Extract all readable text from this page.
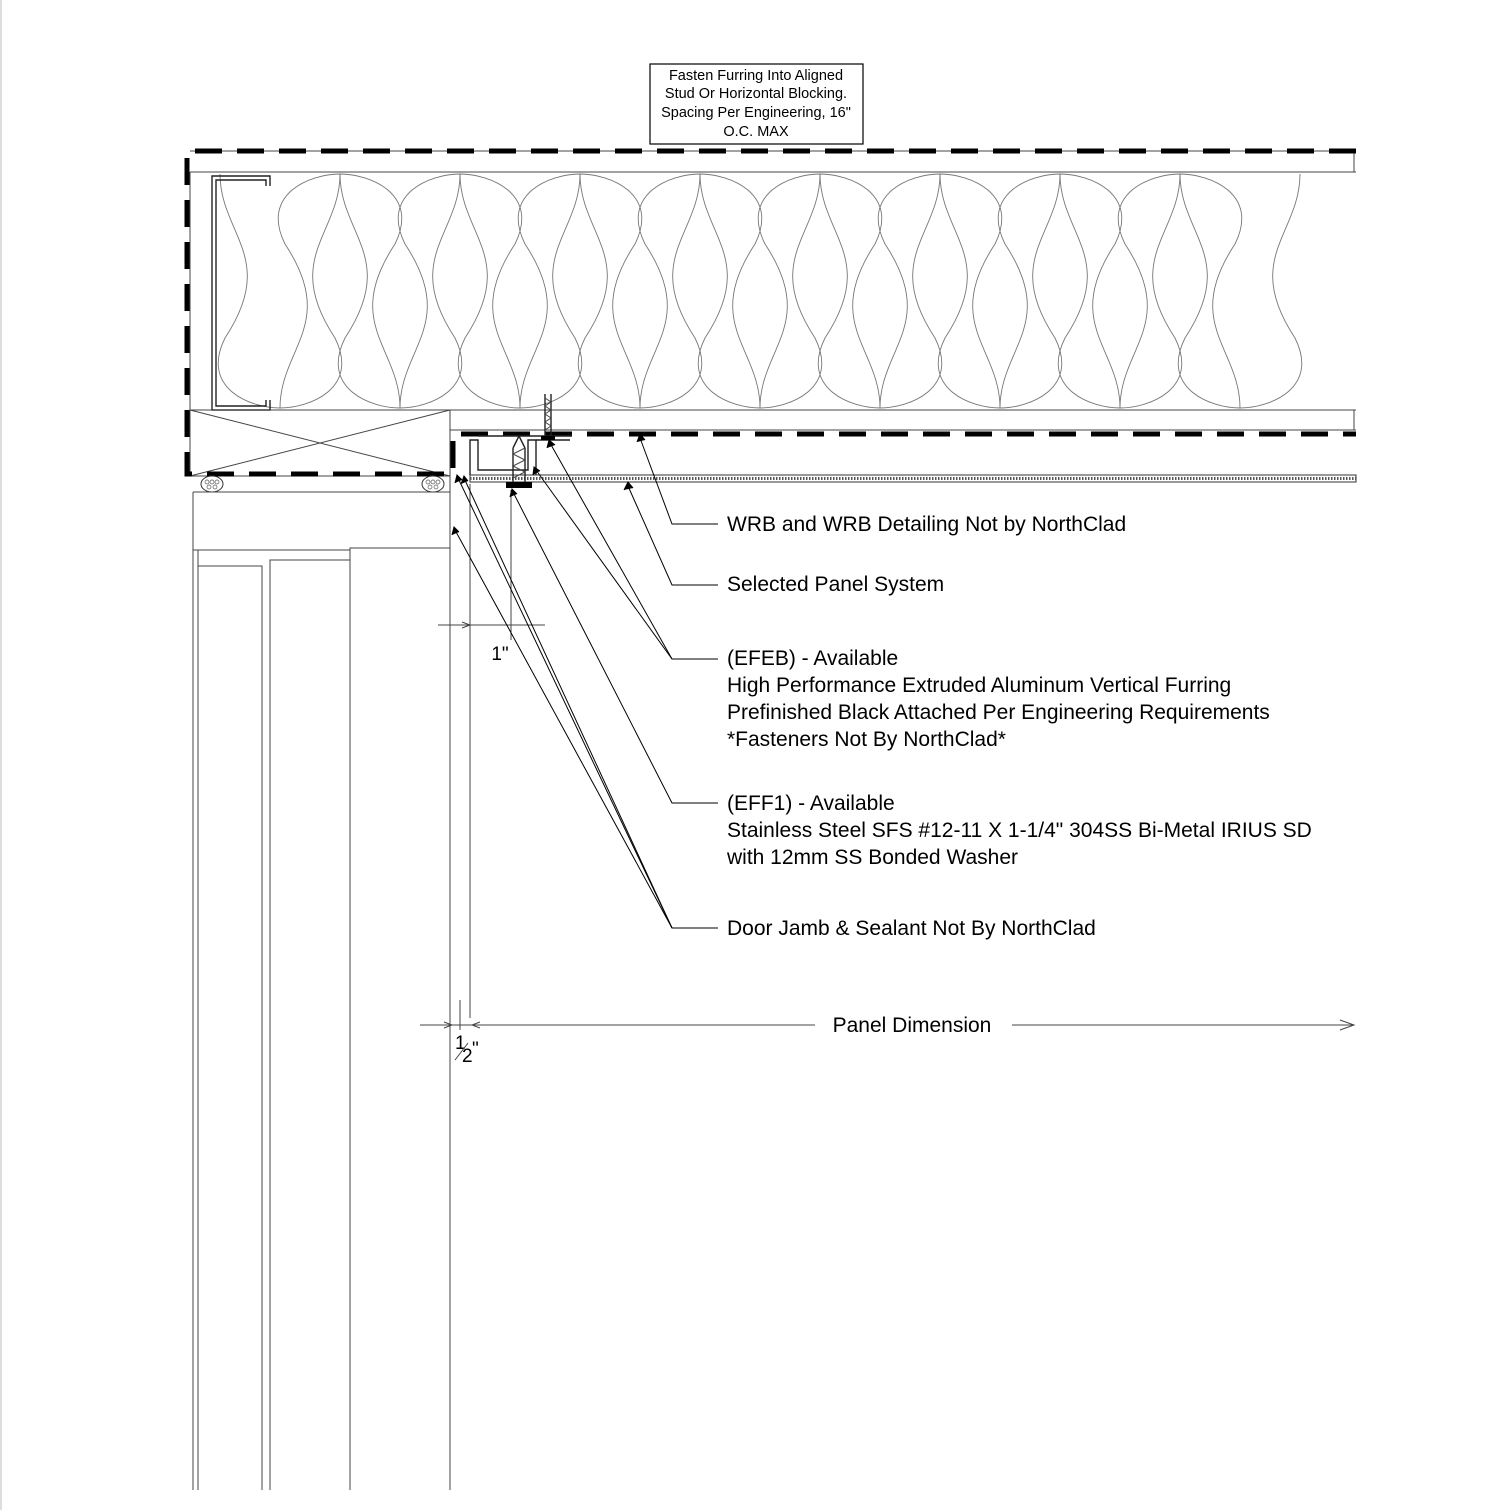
Fasten Furring Into Aligned
Stud Or Horizontal Blocking.
Spacing Per Engineering, 16"
O.C. MAX
1"
Panel Dimension
1
2 "
WRB and WRB Detailing Not by NorthClad
Selected Panel System
(EFEB) - Available
High Performance Extruded Aluminum Vertical Furring
Prefinished Black Attached Per Engineering Requirements
*Fasteners Not By NorthClad*
(EFF1) - Available
Stainless Steel SFS #12-11 X 1-1/4" 304SS Bi-Metal IRIUS SD
with 12mm SS Bonded Washer
Door Jamb & Sealant Not By NorthClad
